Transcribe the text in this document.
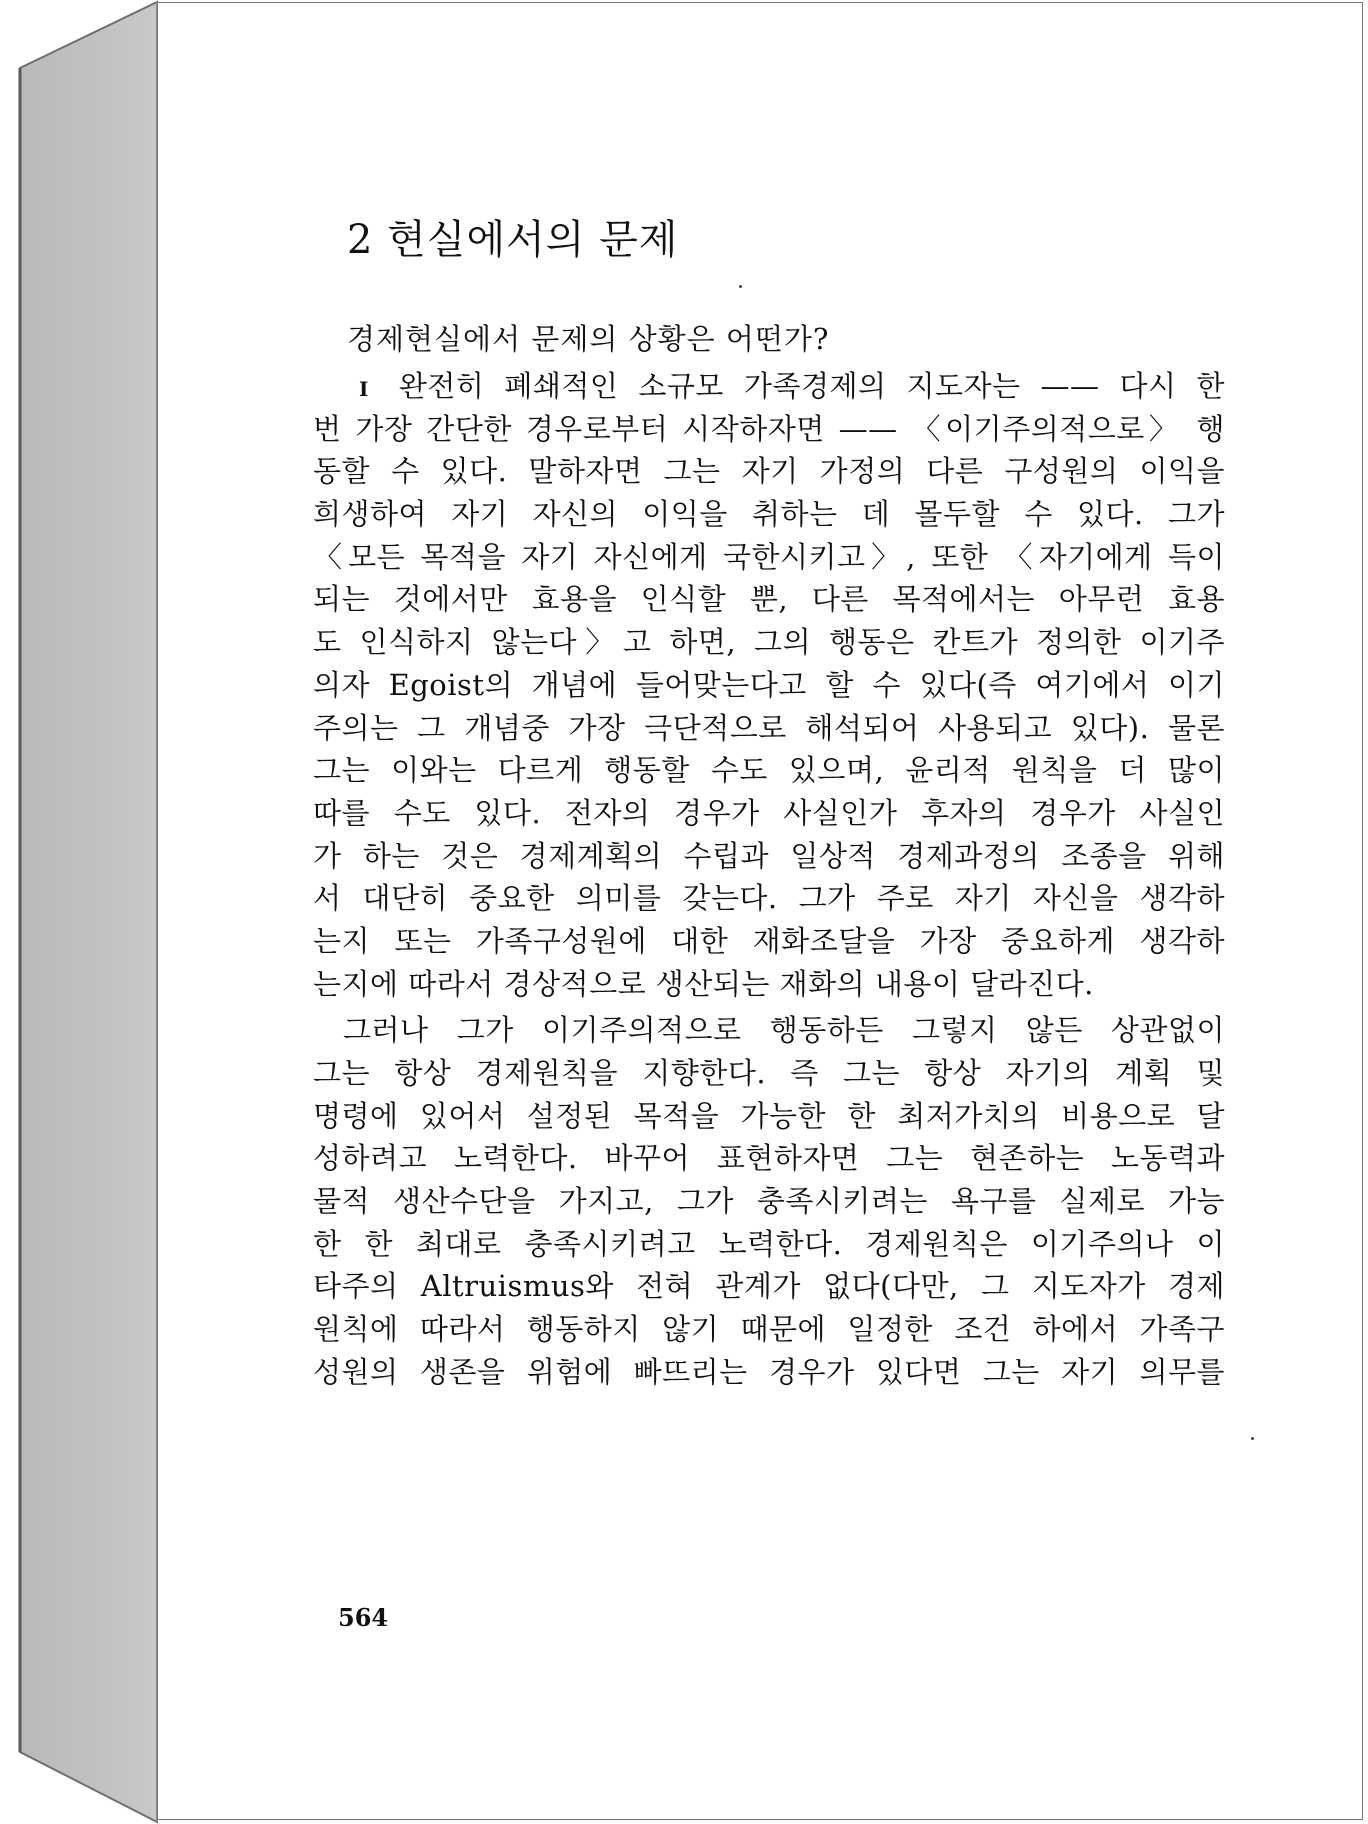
2 현실에서의 문제

경제현실에서 문제의 상황은 어떤가?

I 완전히 폐쇄적인 소규모 가족경제의 지도자는 —— 다시 한
번 가장 간단한 경우로부터 시작하자면 —— 〈이기주의적으로〉 행
동할 수 있다. 말하자면 그는 자기 가정의 다른 구성원의 이익을
희생하여 자기 자신의 이익을 취하는 데 몰두할 수 있다. 그가
〈모든 목적을 자기 자신에게 국한시키고〉, 또한 〈자기에게 득이
되는 것에서만 효용을 인식할 뿐, 다른 목적에서는 아무런 효용
도 인식하지 않는다〉고 하면, 그의 행동은 칸트가 정의한 이기주
의자 Egoist의 개념에 들어맞는다고 할 수 있다(즉 여기에서 이기
주의는 그 개념중 가장 극단적으로 해석되어 사용되고 있다). 물론
그는 이와는 다르게 행동할 수도 있으며, 윤리적 원칙을 더 많이
따를 수도 있다. 전자의 경우가 사실인가 후자의 경우가 사실인
가 하는 것은 경제계획의 수립과 일상적 경제과정의 조종을 위해
서 대단히 중요한 의미를 갖는다. 그가 주로 자기 자신을 생각하
는지 또는 가족구성원에 대한 재화조달을 가장 중요하게 생각하
는지에 따라서 경상적으로 생산되는 재화의 내용이 달라진다.
그러나 그가 이기주의적으로 행동하든 그렇지 않든 상관없이
그는 항상 경제원칙을 지향한다. 즉 그는 항상 자기의 계획 및
명령에 있어서 설정된 목적을 가능한 한 최저가치의 비용으로 달
성하려고 노력한다. 바꾸어 표현하자면 그는 현존하는 노동력과
물적 생산수단을 가지고, 그가 충족시키려는 욕구를 실제로 가능
한 한 최대로 충족시키려고 노력한다. 경제원칙은 이기주의나 이
타주의 Altruismus와 전혀 관계가 없다(다만, 그 지도자가 경제
원칙에 따라서 행동하지 않기 때문에 일정한 조건 하에서 가족구
성원의 생존을 위험에 빠뜨리는 경우가 있다면 그는 자기 의무를

564
